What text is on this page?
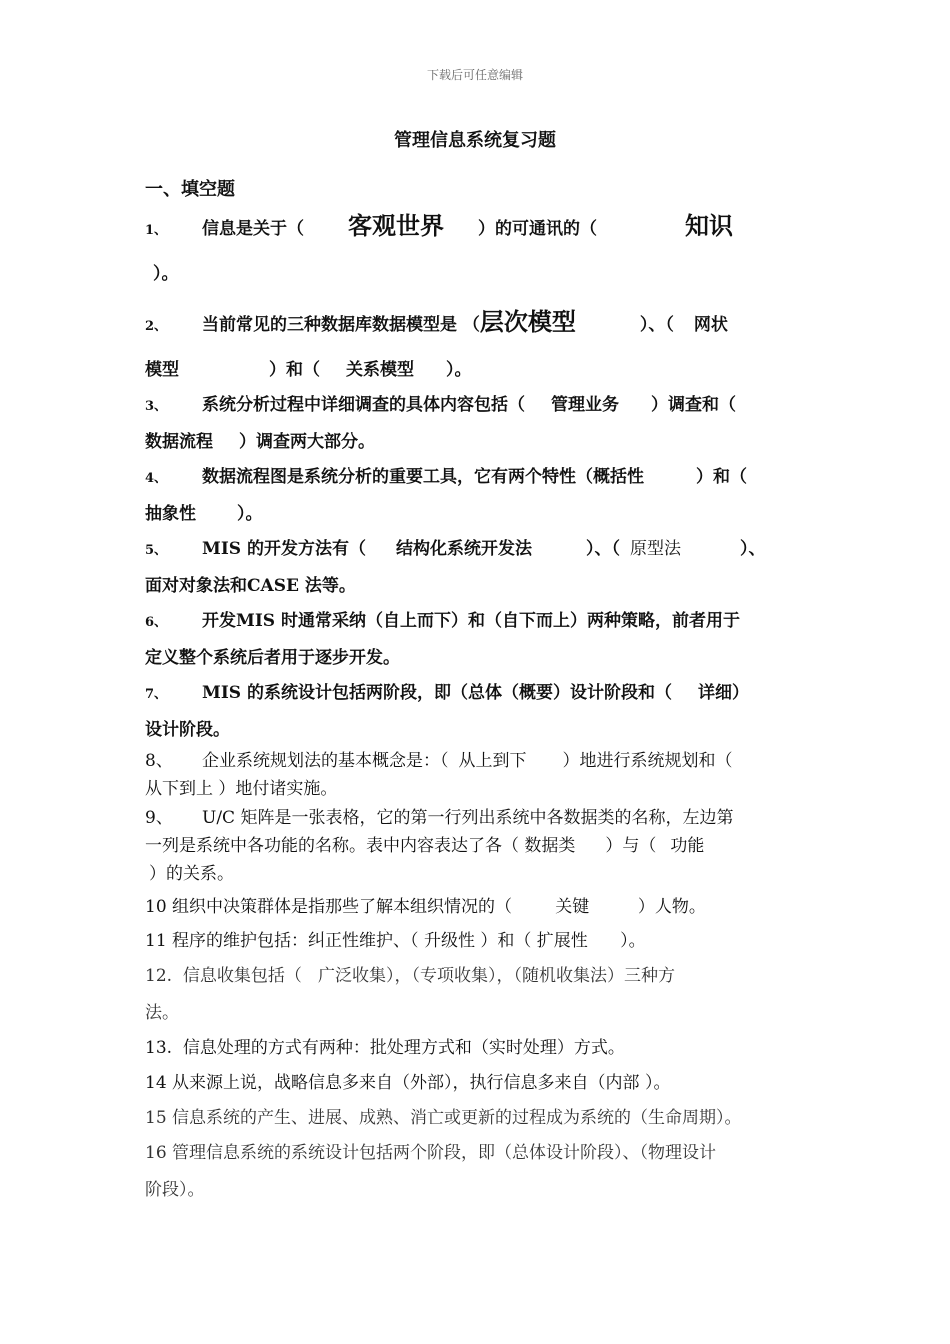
下载后可任意编辑
管理信息系统复习题
一、填空题
1、 信息是关于（ 客观世界 ）的可通讯的（	知识
）。
2、 当前常见的三种数据库数据模型是 （层次模型	）、（ 网状
模型	）和（ 关系模型 ）。
3、 系统分析过程中详细调查的具体内容包括（ 管理业务 ）调查和（
数据流程 ）调查两大部分。
4、 数据流程图是系统分析的重要工具，它有两个特性（概括性	）和（
抽象性 ）。
5、 MIS 的开发方法有（ 结构化系统开发法	）、（ 原型法	）、
面对对象法和CASE 法等。
6、 开发MIS 时通常采纳（自上而下）和（自下而上）两种策略，前者用于
定义整个系统后者用于逐步开发。
7、 MIS 的系统设计包括两阶段，即（总体（概要）设计阶段和（ 详细）
设计阶段。
8、 企业系统规划法的基本概念是：（ 从上到下 ）地进行系统规划和（
从下到上 ）地付诸实施。
9、 U/C 矩阵是一张表格，它的第一行列出系统中各数据类的名称，左边第
一列是系统中各功能的名称。表中内容表达了各（ 数据类 ）与（ 功能
）的关系。
10 组织中决策群体是指那些了解本组织情况的（        关键         ）人物。
11 程序的维护包括：纠正性维护、（ 升级性 ）和（ 扩展性      ）。
12.  信息收集包括（   广泛收集），（专项收集），（随机收集法）三种方
法。
13.  信息处理的方式有两种：批处理方式和（实时处理）方式。
14 从来源上说，战略信息多来自（外部），执行信息多来自（内部 ）。
15 信息系统的产生、进展、成熟、消亡或更新的过程成为系统的（生命周期）。
16 管理信息系统的系统设计包括两个阶段，即（总体设计阶段）、（物理设计
阶段）。
